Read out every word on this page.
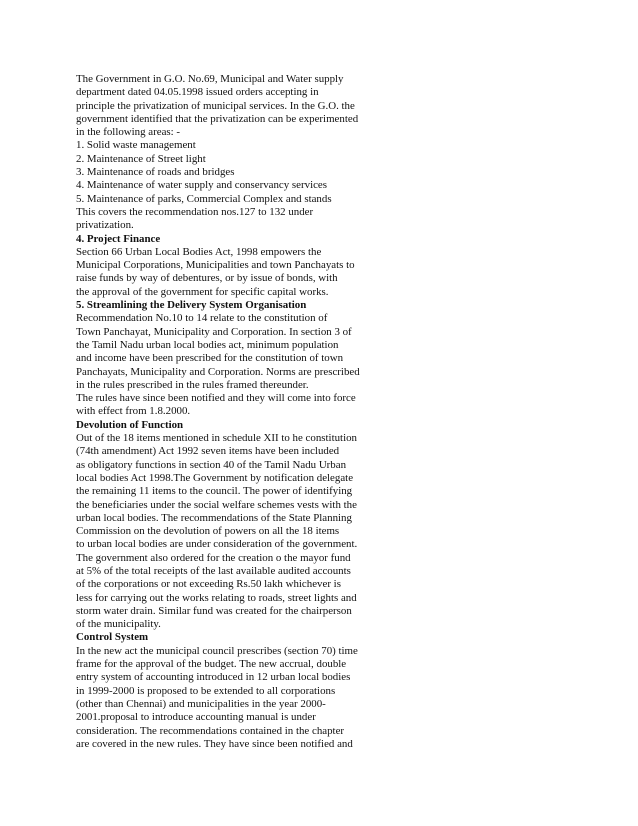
The Government in G.O. No.69, Municipal and Water supply
department dated 04.05.1998 issued orders accepting in
principle the privatization of municipal services. In the G.O. the
government identified that the privatization can be experimented
in the following areas: -
1. Solid waste management
2. Maintenance of Street light
3. Maintenance of roads and bridges
4. Maintenance of water supply and conservancy services
5. Maintenance of parks, Commercial Complex and stands
This covers the recommendation nos.127 to 132 under
privatization.
4. Project Finance
Section 66 Urban Local Bodies Act, 1998 empowers the
Municipal Corporations, Municipalities and town Panchayats to
raise funds by way of debentures, or by issue of bonds, with
the approval of the government for specific capital works.
5. Streamlining the Delivery System Organisation
Recommendation No.10 to 14 relate to the constitution of
Town Panchayat, Municipality and Corporation. In section 3 of
the Tamil Nadu urban local bodies act, minimum population
and income have been prescribed for the constitution of town
Panchayats, Municipality and Corporation. Norms are prescribed
in the rules prescribed in the rules framed thereunder.
The rules have since been notified and they will come into force
with effect from 1.8.2000.
Devolution of Function
Out of the 18 items mentioned in schedule XII to he constitution
(74th amendment) Act 1992 seven items have been included
as obligatory functions in section 40 of the Tamil Nadu Urban
local bodies Act 1998.The Government by notification delegate
the remaining 11 items to the council. The power of identifying
the beneficiaries under the social welfare schemes vests with the
urban local bodies. The recommendations of the State Planning
Commission on the devolution of powers on all the 18 items
to urban local bodies are under consideration of the government.
The government also ordered for the creation o the mayor fund
at 5% of the total receipts of the last available audited accounts
of the corporations or not exceeding Rs.50 lakh whichever is
less for carrying out the works relating to roads, street lights and
storm water drain. Similar fund was created for the chairperson
of the municipality.
Control System
In the new act the municipal council prescribes (section 70) time
frame for the approval of the budget. The new accrual, double
entry system of accounting introduced in 12 urban local bodies
in 1999-2000 is proposed to be extended to all corporations
(other than Chennai) and municipalities in the year 2000-
2001.proposal to introduce accounting manual is under
consideration. The recommendations contained in the chapter
are covered in the new rules. They have since been notified and
